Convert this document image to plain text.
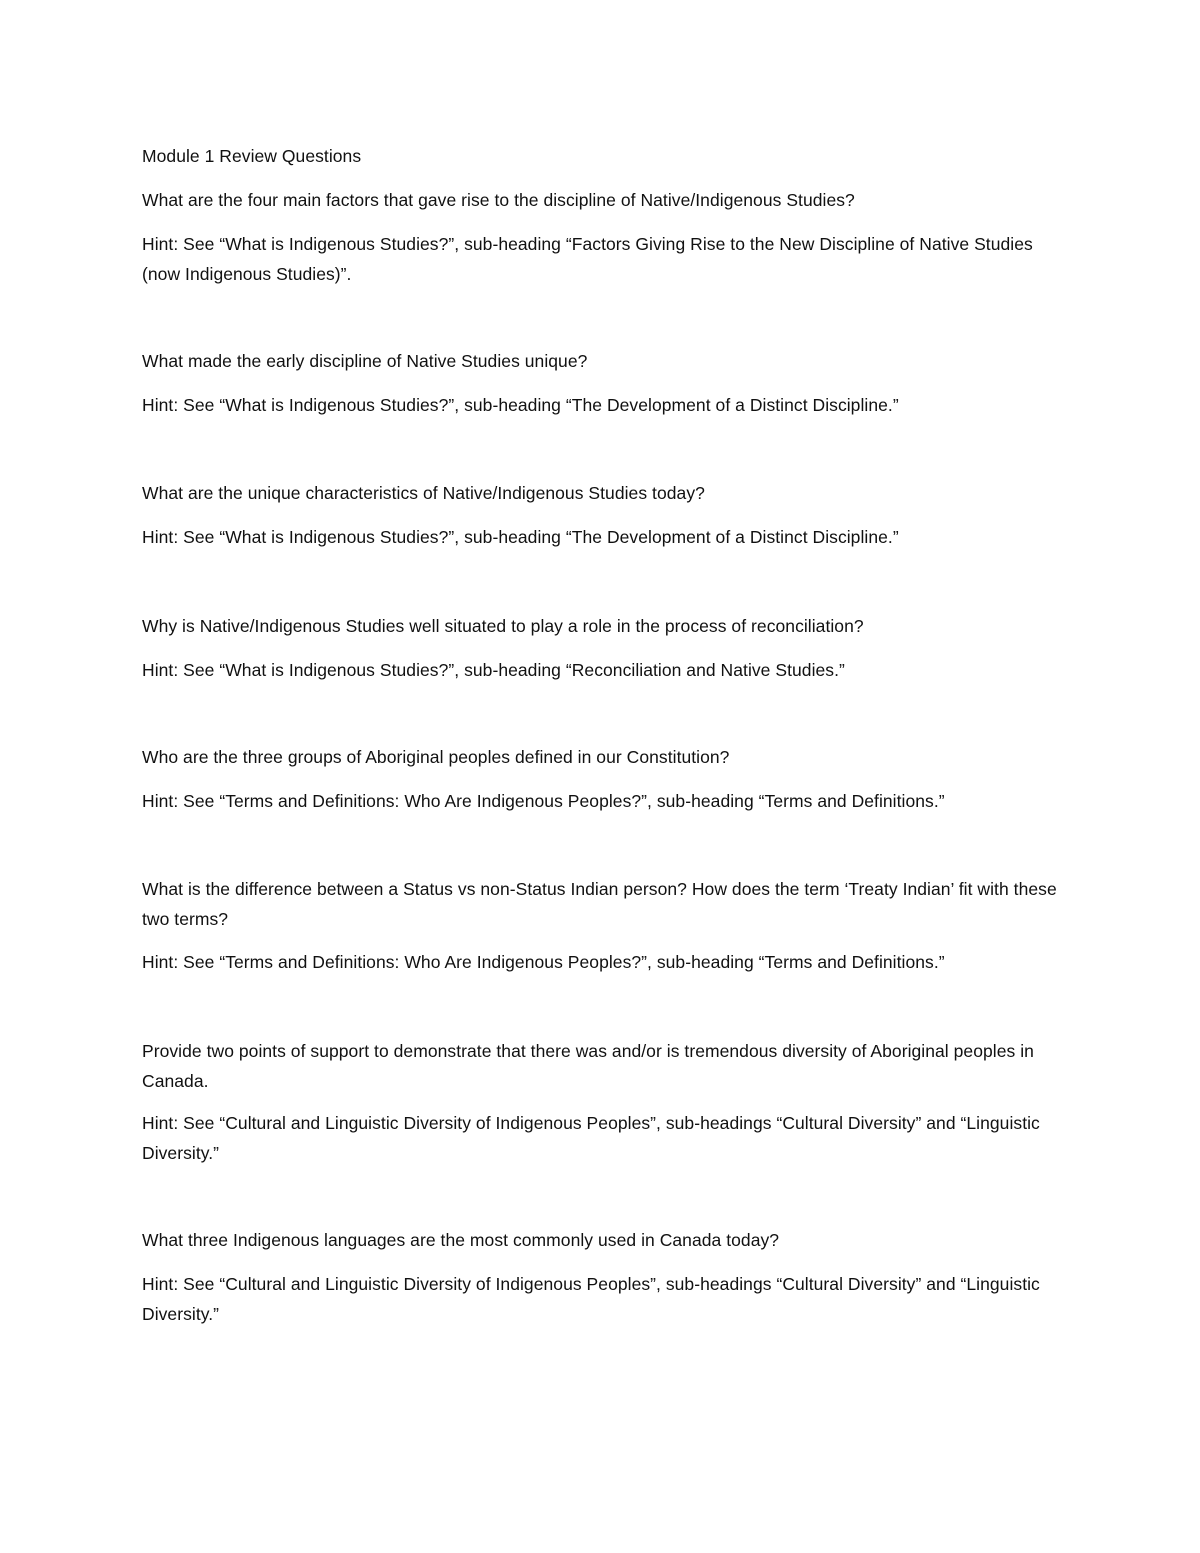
Module 1 Review Questions
What are the four main factors that gave rise to the discipline of Native/Indigenous Studies?
Hint: See “What is Indigenous Studies?”, sub-heading “Factors Giving Rise to the New Discipline of Native Studies (now Indigenous Studies)”.
What made the early discipline of Native Studies unique?
Hint: See “What is Indigenous Studies?”, sub-heading “The Development of a Distinct Discipline.”
What are the unique characteristics of Native/Indigenous Studies today?
Hint: See “What is Indigenous Studies?”, sub-heading “The Development of a Distinct Discipline.”
Why is Native/Indigenous Studies well situated to play a role in the process of reconciliation?
Hint: See “What is Indigenous Studies?”, sub-heading “Reconciliation and Native Studies.”
Who are the three groups of Aboriginal peoples defined in our Constitution?
Hint: See “Terms and Definitions: Who Are Indigenous Peoples?”, sub-heading “Terms and Definitions.”
What is the difference between a Status vs non-Status Indian person? How does the term ‘Treaty Indian’ fit with these two terms?
Hint: See “Terms and Definitions: Who Are Indigenous Peoples?”, sub-heading “Terms and Definitions.”
Provide two points of support to demonstrate that there was and/or is tremendous diversity of Aboriginal peoples in Canada.
Hint: See “Cultural and Linguistic Diversity of Indigenous Peoples”, sub-headings “Cultural Diversity” and “Linguistic Diversity.”
What three Indigenous languages are the most commonly used in Canada today?
Hint: See “Cultural and Linguistic Diversity of Indigenous Peoples”, sub-headings “Cultural Diversity” and “Linguistic Diversity.”
